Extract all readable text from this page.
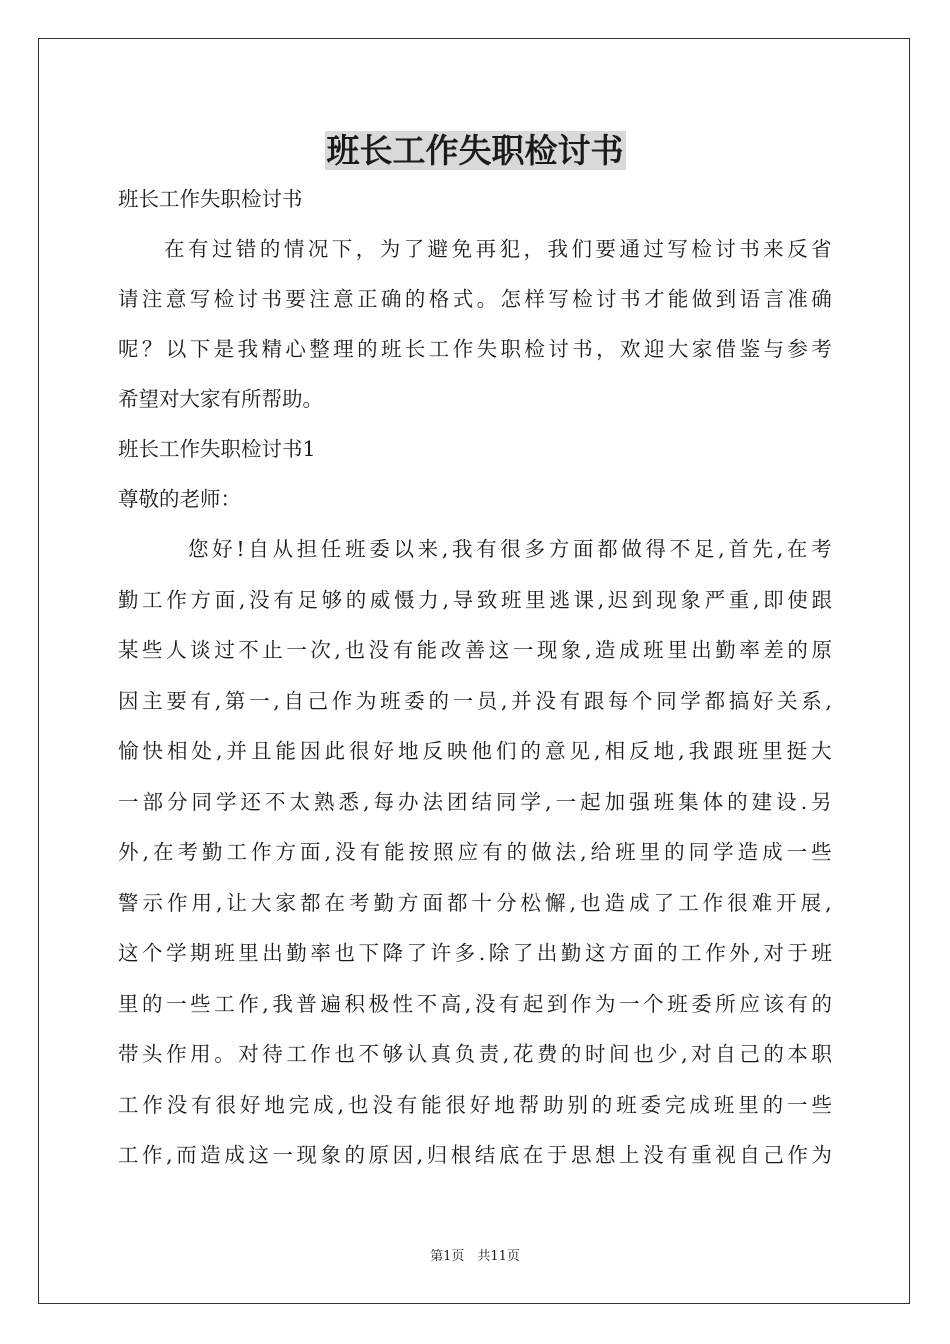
班长工作失职检讨书
班长工作失职检讨书
在 有 过 错 的 情 况 下 ， 为 了 避 免 再 犯 ， 我 们 要 通 过 写 检 讨 书 来 反 省
请 注 意 写 检 讨 书 要 注 意 正 确 的 格 式 。 怎 样 写 检 讨 书 才 能 做 到 语 言 准 确
呢 ？ 以 下 是 我 精 心 整 理 的 班 长 工 作 失 职 检 讨 书 ， 欢 迎 大 家 借 鉴 与 参 考
希望对大家有所帮助。
班长工作失职检讨书1
尊敬的老师：
您 好 ! 自 从 担 任 班 委 以 来 , 我 有 很 多 方 面 都 做 得 不 足 , 首 先 , 在 考
勤 工 作 方 面 , 没 有 足 够 的 威 慑 力 , 导 致 班 里 逃 课 , 迟 到 现 象 严 重 , 即 使 跟
某 些 人 谈 过 不 止 一 次 , 也 没 有 能 改 善 这 一 现 象 , 造 成 班 里 出 勤 率 差 的 原
因 主 要 有 , 第 一 , 自 己 作 为 班 委 的 一 员 , 并 没 有 跟 每 个 同 学 都 搞 好 关 系 ,
愉 快 相 处 , 并 且 能 因 此 很 好 地 反 映 他 们 的 意 见 , 相 反 地 , 我 跟 班 里 挺 大
一 部 分 同 学 还 不 太 熟 悉 , 每 办 法 团 结 同 学 , 一 起 加 强 班 集 体 的 建 设 . 另
外 , 在 考 勤 工 作 方 面 , 没 有 能 按 照 应 有 的 做 法 , 给 班 里 的 同 学 造 成 一 些
警 示 作 用 , 让 大 家 都 在 考 勤 方 面 都 十 分 松 懈 , 也 造 成 了 工 作 很 难 开 展 ,
这 个 学 期 班 里 出 勤 率 也 下 降 了 许 多 . 除 了 出 勤 这 方 面 的 工 作 外 , 对 于 班
里 的 一 些 工 作 , 我 普 遍 积 极 性 不 高 , 没 有 起 到 作 为 一 个 班 委 所 应 该 有 的
带 头 作 用 。 对 待 工 作 也 不 够 认 真 负 责 , 花 费 的 时 间 也 少 , 对 自 己 的 本 职
工 作 没 有 很 好 地 完 成 , 也 没 有 能 很 好 地 帮 助 别 的 班 委 完 成 班 里 的 一 些
工 作 , 而 造 成 这 一 现 象 的 原 因 , 归 根 结 底 在 于 思 想 上 没 有 重 视 自 己 作 为
第1页　共11页
